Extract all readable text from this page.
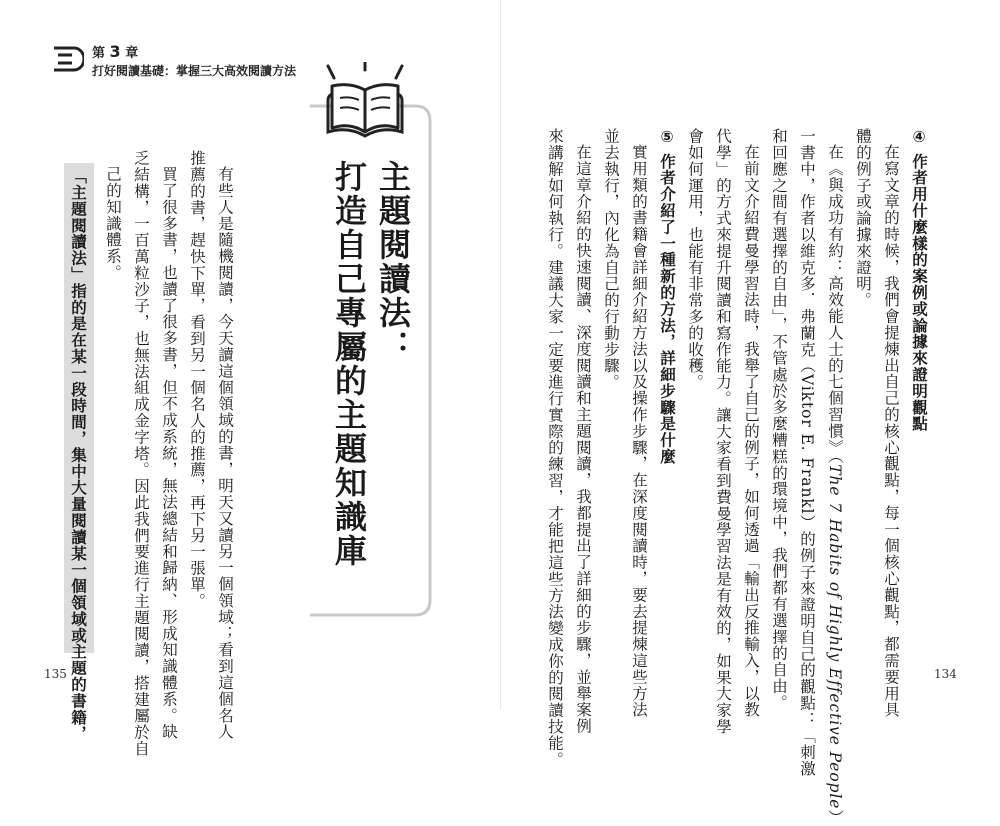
第 3 章
打好閱讀基礎：掌握三大高效閱讀方法
「主題閱讀法」指的是在某一段時間，集中大量閱讀某一個領域或主題的書籍，	己的知識體系。 乏結構，一百萬粒沙子，也無法組成金字塔。因此我們要進行主題閱讀，搭建屬於自 買了很多書，也讀了很多書，但不成系統，無法總結和歸納、形成知識體系。缺 推薦的書，趕快下單，看到另一個名人的推薦，再下另一張單。 有些人是隨機閱讀，今天讀這個領域的書，明天又讀另一個領域；看到這個名人	打造自己專屬的主題知識庫 主題閱讀法：
135
④ 作者用什麼樣的案例或論據來證明觀點
在寫文章的時候，我們會提煉出自己的核心觀點，每一個核心觀點，都需要用具
體的例子或論據來證明。
在《與成功有約：高效能人士的七個習慣》（The 7 Habits of Highly Effective People）
一書中，作者以維克多．弗蘭克（Viktor E. Frankl）的例子來證明自己的觀點：「刺激
和回應之間有選擇的自由」，不管處於多麼糟糕的環境中，我們都有選擇的自由。
在前文介紹費曼學習法時，我舉了自己的例子，如何透過「輸出反推輸入，以教
代學」的方式來提升閱讀和寫作能力。讓大家看到費曼學習法是有效的，如果大家學
會如何運用，也能有非常多的收穫。
⑤ 作者介紹了一種新的方法，詳細步驟是什麼
實用類的書籍會詳細介紹方法以及操作步驟，在深度閱讀時，要去提煉這些方法
並去執行，內化為自己的行動步驟。
在這章介紹的快速閱讀、深度閱讀和主題閱讀，我都提出了詳細的步驟，並舉案例
來講解如何執行。建議大家一定要進行實際的練習，才能把這些方法變成你的閱讀技能。	134
